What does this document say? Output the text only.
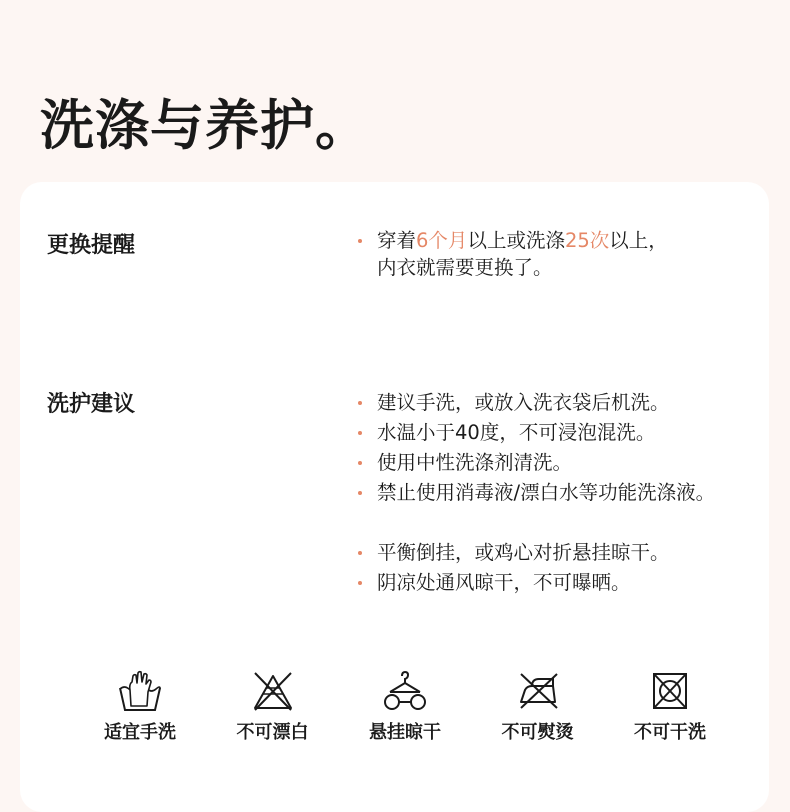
洗涤与养护。
更换提醒	穿着6个月以上或洗涤25次以上，
内衣就需要更换了。
洗护建议	建议手洗，或放入洗衣袋后机洗。
水温小于40度，不可浸泡混洗。
使用中性洗涤剂清洗。
禁止使用消毒液/漂白水等功能洗涤液。
平衡倒挂，或鸡心对折悬挂晾干。
阴凉处通风晾干，不可曝晒。
适宜手洗	不可漂白	悬挂晾干	不可熨烫	不可干洗
